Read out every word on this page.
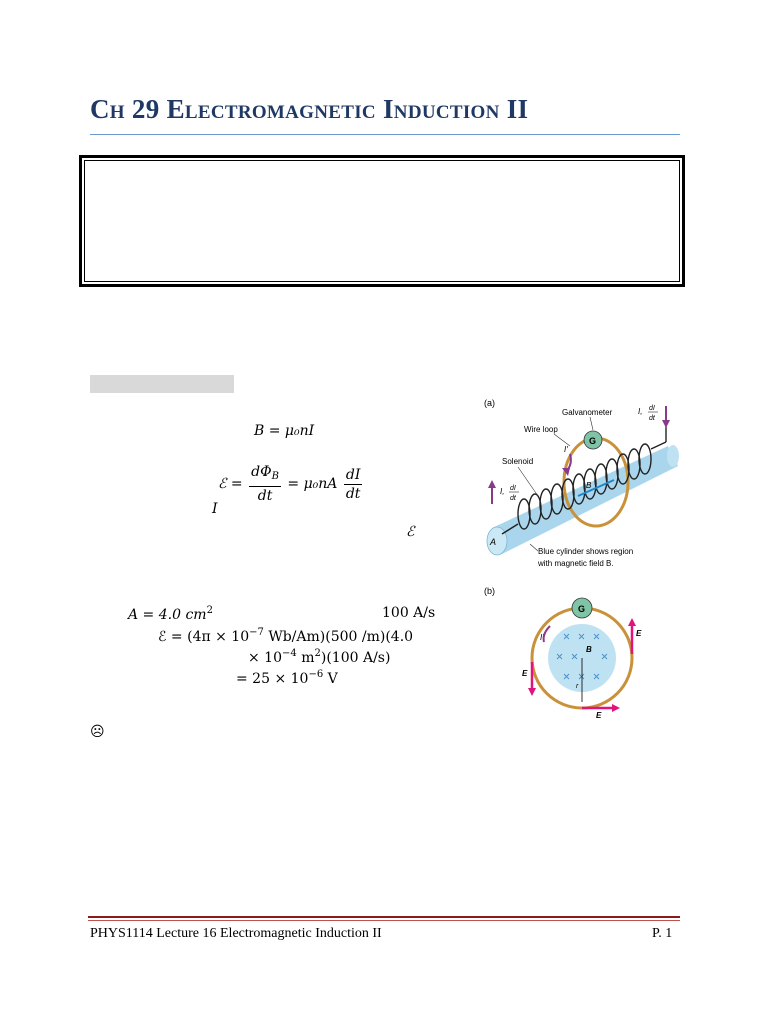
Ch 29 Electromagnetic Induction II
B = μ₀nI
ℰ = $\frac{d\Phi_B}{dt} = \mu_0nA \frac{dI}{dt}$
I
ℰ
A = 4.0 $cm^2$	100 A/s
ℰ = ($4\pi \times 10^{-7}$ Wb/Am)(500 /m)(4.0
× $10^{-4}$ $m^2)(100$ A/s)
= $25 \times 10^{-6}$ V
☹
(a)
B
G
Galvanometer
Wire loop
Solenoid
I′
I, dI
dt
I, dI
dt
A
Blue cylinder shows region
with magnetic field B.
(b)
B
r
G
I′	E
E
E
PHYS1114 Lecture 16 Electromagnetic Induction II	P. 1
